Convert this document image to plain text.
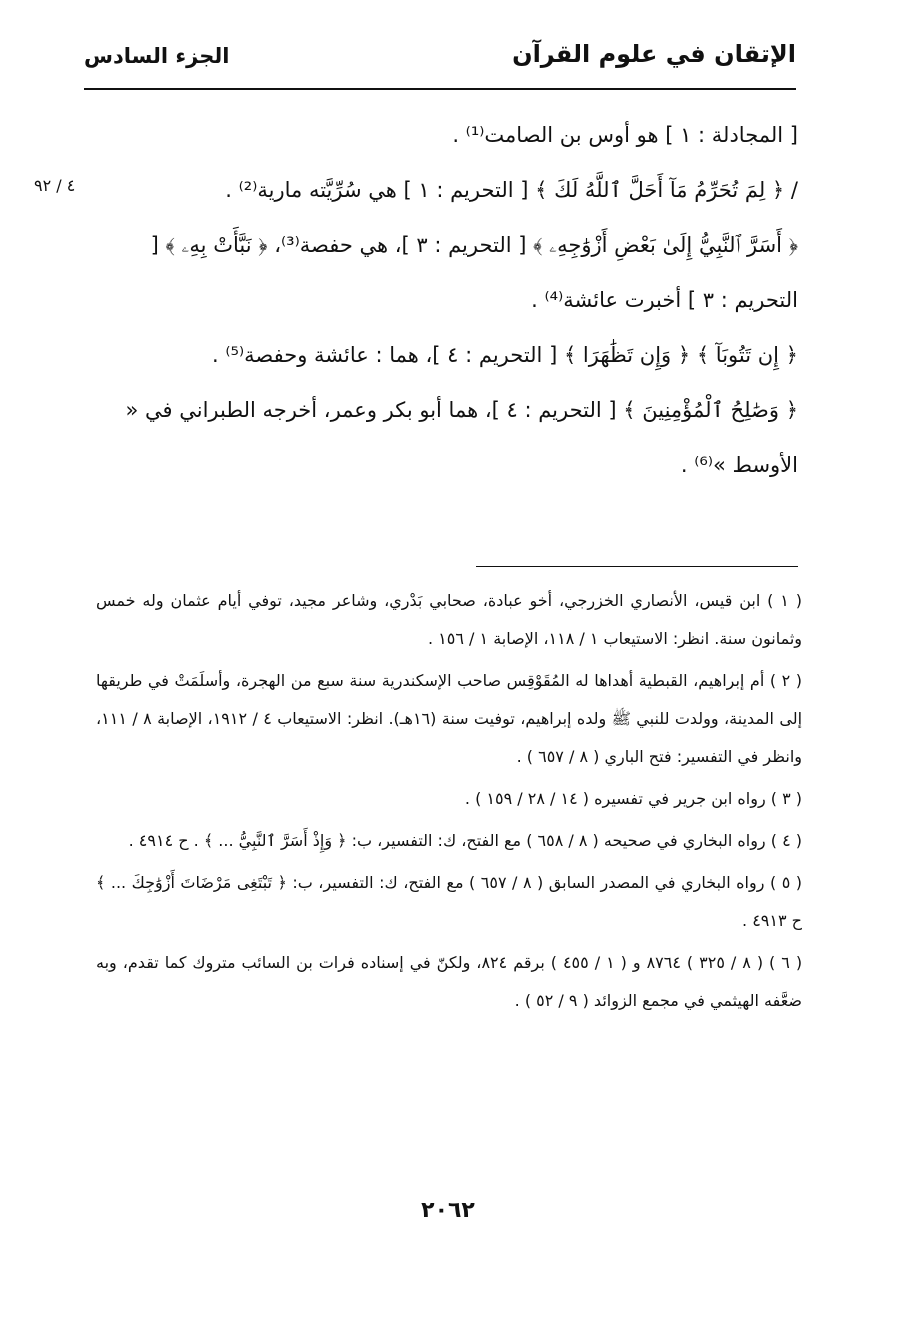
الإتقان في علوم القرآن
الجزء السادس
٤ / ٩٢

[ المجادلة : ١ ] هو أوس بن الصامت⁽¹⁾ .

/ ﴿ لِمَ تُحَرِّمُ مَآ أَحَلَّ ٱللَّهُ لَكَ ﴾ [ التحريم : ١ ] هي سُرِّيَّته مارية⁽²⁾ .

﴿ أَسَرَّ ٱلنَّبِيُّ إِلَىٰ بَعْضِ أَزْوَٰجِهِۦ ﴾ [ التحريم : ٣ ]، هي حفصة⁽³⁾، ﴿ نَبَّأَتْ بِهِۦ ﴾ [ التحريم : ٣ ] أخبرت عائشة⁽⁴⁾ .

﴿ إِن تَتُوبَآ ﴾ ﴿ وَإِن تَظَٰهَرَا ﴾ [ التحريم : ٤ ]، هما : عائشة وحفصة⁽⁵⁾ .

﴿ وَصَٰلِحُ ٱلْمُؤْمِنِينَ ﴾ [ التحريم : ٤ ]، هما أبو بكر وعمر، أخرجه الطبراني في « الأوسط »⁽⁶⁾ .

( ١ ) ابن قيس، الأنصاري الخزرجي، أخو عبادة، صحابي بَدْري، وشاعر مجيد، توفي أيام عثمان وله خمس وثمانون سنة. انظر: الاستيعاب ١ / ١١٨، الإصابة ١ / ١٥٦ .

( ٢ ) أم إبراهيم، القبطية أهداها له المُقَوْقِس صاحب الإسكندرية سنة سبع من الهجرة، وأسلَمَتْ في طريقها إلى المدينة، وولدت للنبي ﷺ ولده إبراهيم، توفيت سنة (١٦هـ). انظر: الاستيعاب ٤ / ١٩١٢، الإصابة ٨ / ١١١، وانظر في التفسير: فتح الباري ( ٨ / ٦٥٧ ) .

( ٣ ) رواه ابن جرير في تفسيره ( ١٤ / ٢٨ / ١٥٩ ) .

( ٤ ) رواه البخاري في صحيحه ( ٨ / ٦٥٨ ) مع الفتح، ك: التفسير، ب: ﴿ وَإِذْ أَسَرَّ ٱلنَّبِيُّ ... ﴾ . ح ٤٩١٤ .

( ٥ ) رواه البخاري في المصدر السابق ( ٨ / ٦٥٧ ) مع الفتح، ك: التفسير، ب: ﴿ تَبْتَغِى مَرْضَاتَ أَزْوَٰجِكَ ... ﴾ ح ٤٩١٣ .

( ٦ ) ( ٨ / ٣٢٥ ) ٨٧٦٤ و ( ١ / ٤٥٥ ) برقم ٨٢٤، ولكنّ في إسناده فرات بن السائب متروك كما تقدم، وبه ضعَّفه الهيثمي في مجمع الزوائد ( ٩ / ٥٢ ) .

٢٠٦٢
